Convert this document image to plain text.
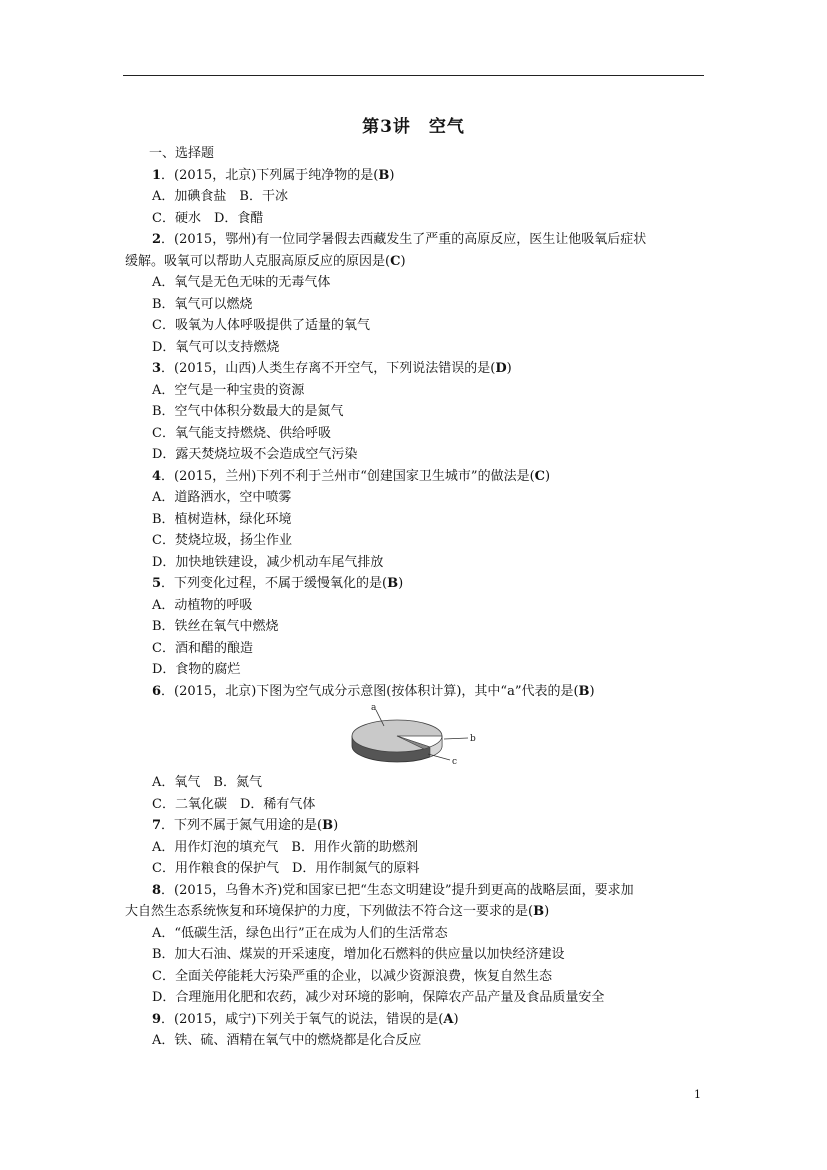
第3讲　空气
一、选择题
1．(2015，北京)下列属于纯净物的是(B)
A．加碘食盐　B．干冰
C．硬水　D．食醋
2．(2015，鄂州)有一位同学暑假去西藏发生了严重的高原反应，医生让他吸氧后症状
缓解。吸氧可以帮助人克服高原反应的原因是(C)
A．氧气是无色无味的无毒气体
B．氧气可以燃烧
C．吸氧为人体呼吸提供了适量的氧气
D．氧气可以支持燃烧
3．(2015，山西)人类生存离不开空气，下列说法错误的是(D)
A．空气是一种宝贵的资源
B．空气中体积分数最大的是氮气
C．氧气能支持燃烧、供给呼吸
D．露天焚烧垃圾不会造成空气污染
4．(2015，兰州)下列不利于兰州市“创建国家卫生城市”的做法是(C)
A．道路洒水，空中喷雾
B．植树造林，绿化环境
C．焚烧垃圾，扬尘作业
D．加快地铁建设，减少机动车尾气排放
5．下列变化过程，不属于缓慢氧化的是(B)
A．动植物的呼吸
B．铁丝在氧气中燃烧
C．酒和醋的酿造
D．食物的腐烂
6．(2015，北京)下图为空气成分示意图(按体积计算)，其中“a”代表的是(B)
a
b
c
A．氧气　B．氮气
C．二氧化碳　D．稀有气体
7．下列不属于氮气用途的是(B)
A．用作灯泡的填充气　B．用作火箭的助燃剂
C．用作粮食的保护气　D．用作制氮气的原料
8．(2015，乌鲁木齐)党和国家已把“生态文明建设”提升到更高的战略层面，要求加
大自然生态系统恢复和环境保护的力度，下列做法不符合这一要求的是(B)
A．“低碳生活，绿色出行”正在成为人们的生活常态
B．加大石油、煤炭的开采速度，增加化石燃料的供应量以加快经济建设
C．全面关停能耗大污染严重的企业，以减少资源浪费，恢复自然生态
D．合理施用化肥和农药，减少对环境的影响，保障农产品产量及食品质量安全
9．(2015，咸宁)下列关于氧气的说法，错误的是(A)
A．铁、硫、酒精在氧气中的燃烧都是化合反应
1
